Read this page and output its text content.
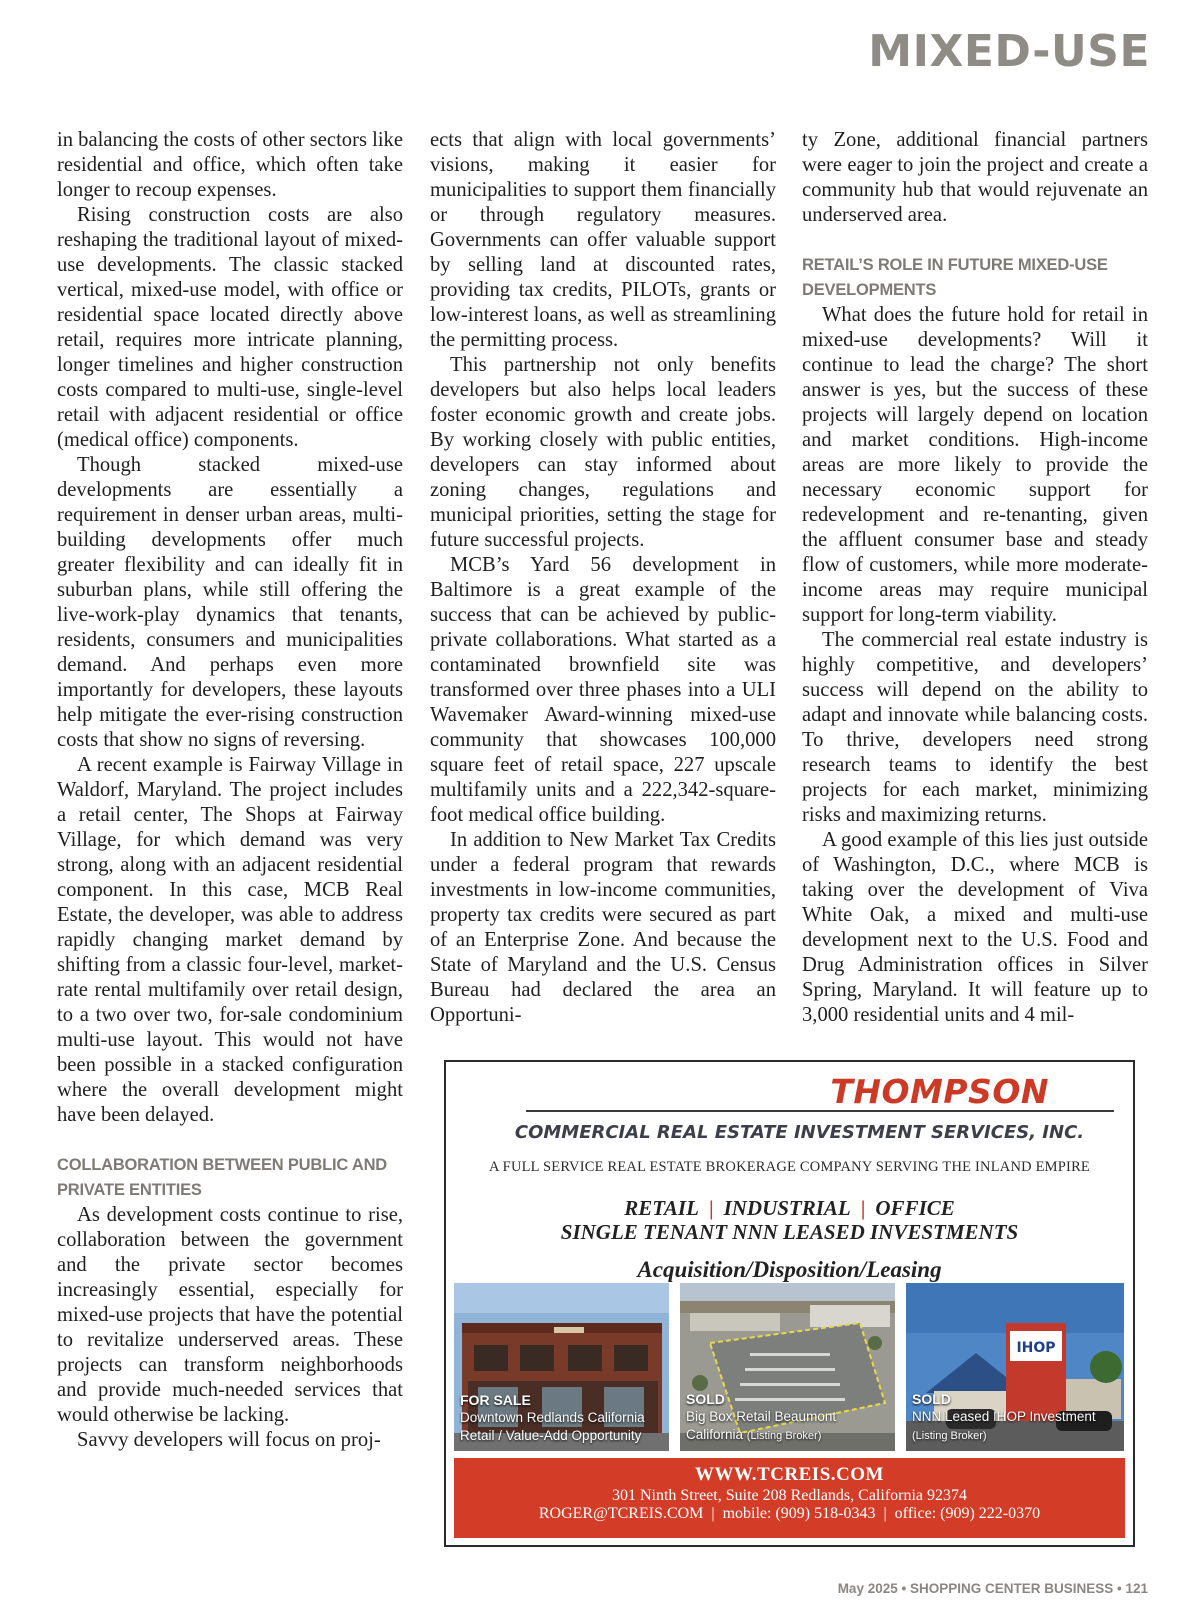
MIXED-USE

in balancing the costs of other sectors like residential and office, which often take longer to recoup expenses.

Rising construction costs are also reshaping the traditional layout of mixed-use developments. The classic stacked vertical, mixed-use model, with office or residential space located directly above retail, requires more intricate planning, longer timelines and higher construction costs compared to multi-use, single-level retail with adjacent residential or office (medical office) components.

Though stacked mixed-use developments are essentially a requirement in denser urban areas, multi-building developments offer much greater flexibility and can ideally fit in suburban plans, while still offering the live-work-play dynamics that tenants, residents, consumers and municipalities demand. And perhaps even more importantly for developers, these layouts help mitigate the ever-rising construction costs that show no signs of reversing.

A recent example is Fairway Village in Waldorf, Maryland. The project includes a retail center, The Shops at Fairway Village, for which demand was very strong, along with an adjacent residential component. In this case, MCB Real Estate, the developer, was able to address rapidly changing market demand by shifting from a classic four-level, market-rate rental multifamily over retail design, to a two over two, for-sale condominium multi-use layout. This would not have been possible in a stacked configuration where the overall development might have been delayed.

COLLABORATION BETWEEN PUBLIC AND PRIVATE ENTITIES

As development costs continue to rise, collaboration between the government and the private sector becomes increasingly essential, especially for mixed-use projects that have the potential to revitalize underserved areas. These projects can transform neighborhoods and provide much-needed services that would otherwise be lacking.

Savvy developers will focus on proj-

ects that align with local governments’ visions, making it easier for municipalities to support them financially or through regulatory measures. Governments can offer valuable support by selling land at discounted rates, providing tax credits, PILOTs, grants or low-interest loans, as well as streamlining the permitting process.

This partnership not only benefits developers but also helps local leaders foster economic growth and create jobs. By working closely with public entities, developers can stay informed about zoning changes, regulations and municipal priorities, setting the stage for future successful projects.

MCB’s Yard 56 development in Baltimore is a great example of the success that can be achieved by public-private collaborations. What started as a contaminated brownfield site was transformed over three phases into a ULI Wavemaker Award-winning mixed-use community that showcases 100,000 square feet of retail space, 227 upscale multifamily units and a 222,342-square-foot medical office building.

In addition to New Market Tax Credits under a federal program that rewards investments in low-income communities, property tax credits were secured as part of an Enterprise Zone. And because the State of Maryland and the U.S. Census Bureau had declared the area an Opportuni-

ty Zone, additional financial partners were eager to join the project and create a community hub that would rejuvenate an underserved area.

RETAIL’S ROLE IN FUTURE MIXED-USE DEVELOPMENTS

What does the future hold for retail in mixed-use developments? Will it continue to lead the charge? The short answer is yes, but the success of these projects will largely depend on location and market conditions. High-income areas are more likely to provide the necessary economic support for redevelopment and re-tenanting, given the affluent consumer base and steady flow of customers, while more moderate-income areas may require municipal support for long-term viability.

The commercial real estate industry is highly competitive, and developers’ success will depend on the ability to adapt and innovate while balancing costs. To thrive, developers need strong research teams to identify the best projects for each market, minimizing risks and maximizing returns.

A good example of this lies just outside of Washington, D.C., where MCB is taking over the development of Viva White Oak, a mixed and multi-use development next to the U.S. Food and Drug Administration offices in Silver Spring, Maryland. It will feature up to 3,000 residential units and 4 mil-

THOMPSON
COMMERCIAL REAL ESTATE INVESTMENT SERVICES, INC.
A FULL SERVICE REAL ESTATE BROKERAGE COMPANY SERVING THE INLAND EMPIRE
RETAIL | INDUSTRIAL | OFFICE
SINGLE TENANT NNN LEASED INVESTMENTS
Acquisition/Disposition/Leasing
FOR SALE
Downtown Redlands California
Retail / Value-Add Opportunity
SOLD
Big Box Retail Beaumont
California (Listing Broker)
IHOP
SOLD
NNN Leased IHOP Investment
(Listing Broker)
WWW.TCREIS.COM
301 Ninth Street, Suite 208 Redlands, California 92374
ROGER@TCREIS.COM | mobile: (909) 518-0343 | office: (909) 222-0370
May 2025 • SHOPPING CENTER BUSINESS • 121
